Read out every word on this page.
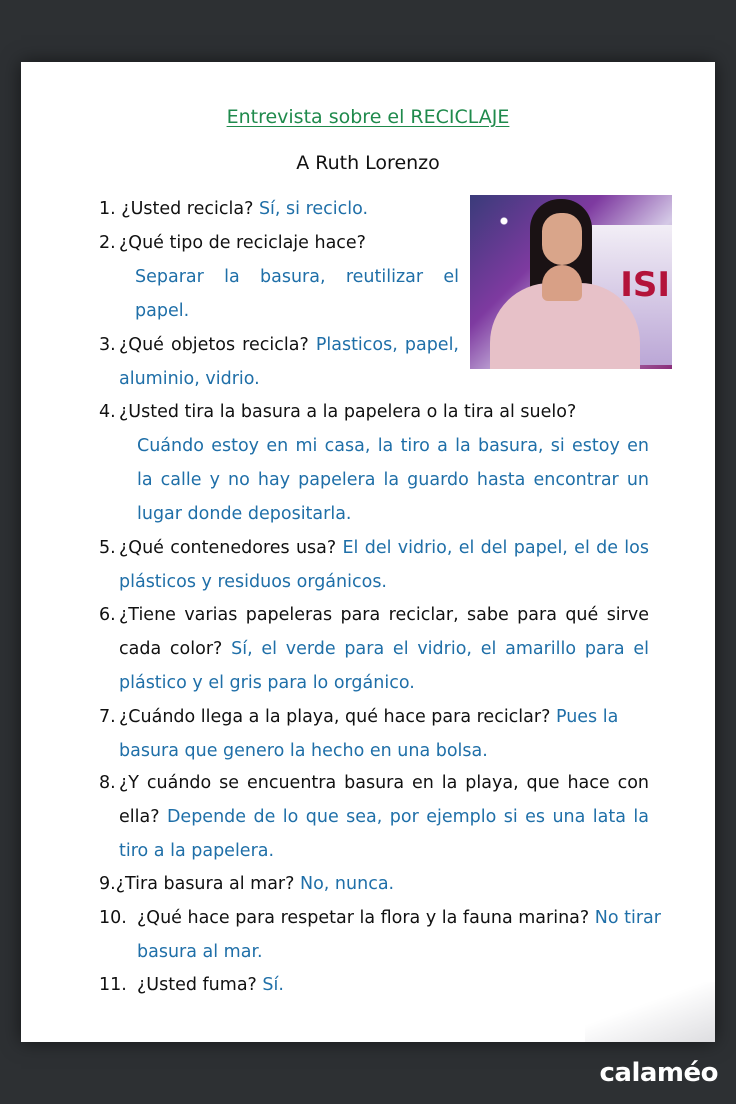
Entrevista sobre el RECICLAJE
A Ruth Lorenzo
ISI
1. ¿Usted recicla? Sí, si reciclo.
2. ¿Qué tipo de reciclaje hace?
Separar la basura, reutilizar el papel.
3. ¿Qué objetos recicla? Plasticos, papel, aluminio, vidrio.
4. ¿Usted tira la basura a la papelera o la tira al suelo?
Cuándo estoy en mi casa, la tiro a la basura, si estoy en la calle y no hay papelera la guardo hasta encontrar un lugar donde depositarla.
5. ¿Qué contenedores usa? El del vidrio, el del papel, el de los plásticos y residuos orgánicos.
6. ¿Tiene varias papeleras para reciclar, sabe para qué sirve cada color? Sí, el verde para el vidrio, el amarillo para el plástico y el gris para lo orgánico.
7. ¿Cuándo llega a la playa, qué hace para reciclar? Pues la basura que genero la hecho en una bolsa.
8. ¿Y cuándo se encuentra basura en la playa, que hace con ella? Depende de lo que sea, por ejemplo si es una lata la tiro a la papelera.
9.¿Tira basura al mar? No, nunca.
10. ¿Qué hace para respetar la flora y la fauna marina? No tirar basura al mar.
11. ¿Usted fuma? Sí.
calaméo
